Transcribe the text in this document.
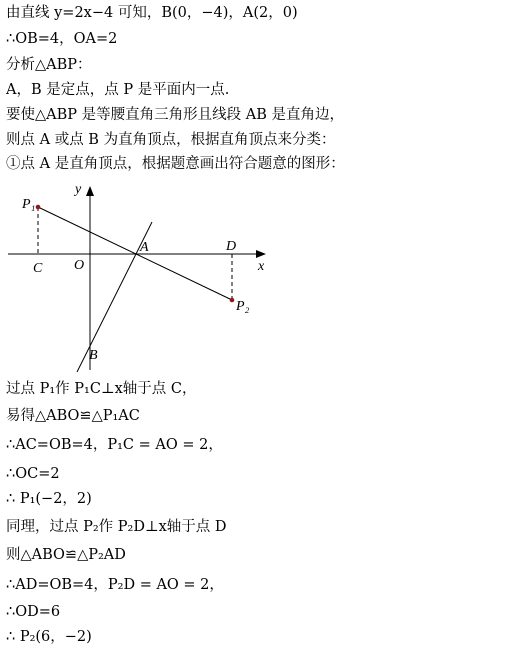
由直线 y=2x−4 可知，B(0，−4)，A(2，0)
∴OB=4，OA=2
分析△ABP：
A，B 是定点，点 P 是平面内一点.
要使△ABP 是等腰直角三角形且线段 AB 是直角边，
则点 A 或点 B 为直角顶点，根据直角顶点来分类：
①点 A 是直角顶点，根据题意画出符合题意的图形：
y
x
O
A
B
C
D
P₁
P₂
过点 P₁作 P₁C⊥x轴于点 C，
易得△ABO≌△P₁AC
∴AC=OB=4，P₁C = AO = 2，
∴OC=2
∴ P₁(−2，2)
同理，过点 P₂作 P₂D⊥x轴于点 D
则△ABO≌△P₂AD
∴AD=OB=4，P₂D = AO = 2，
∴OD=6
∴ P₂(6，−2)
